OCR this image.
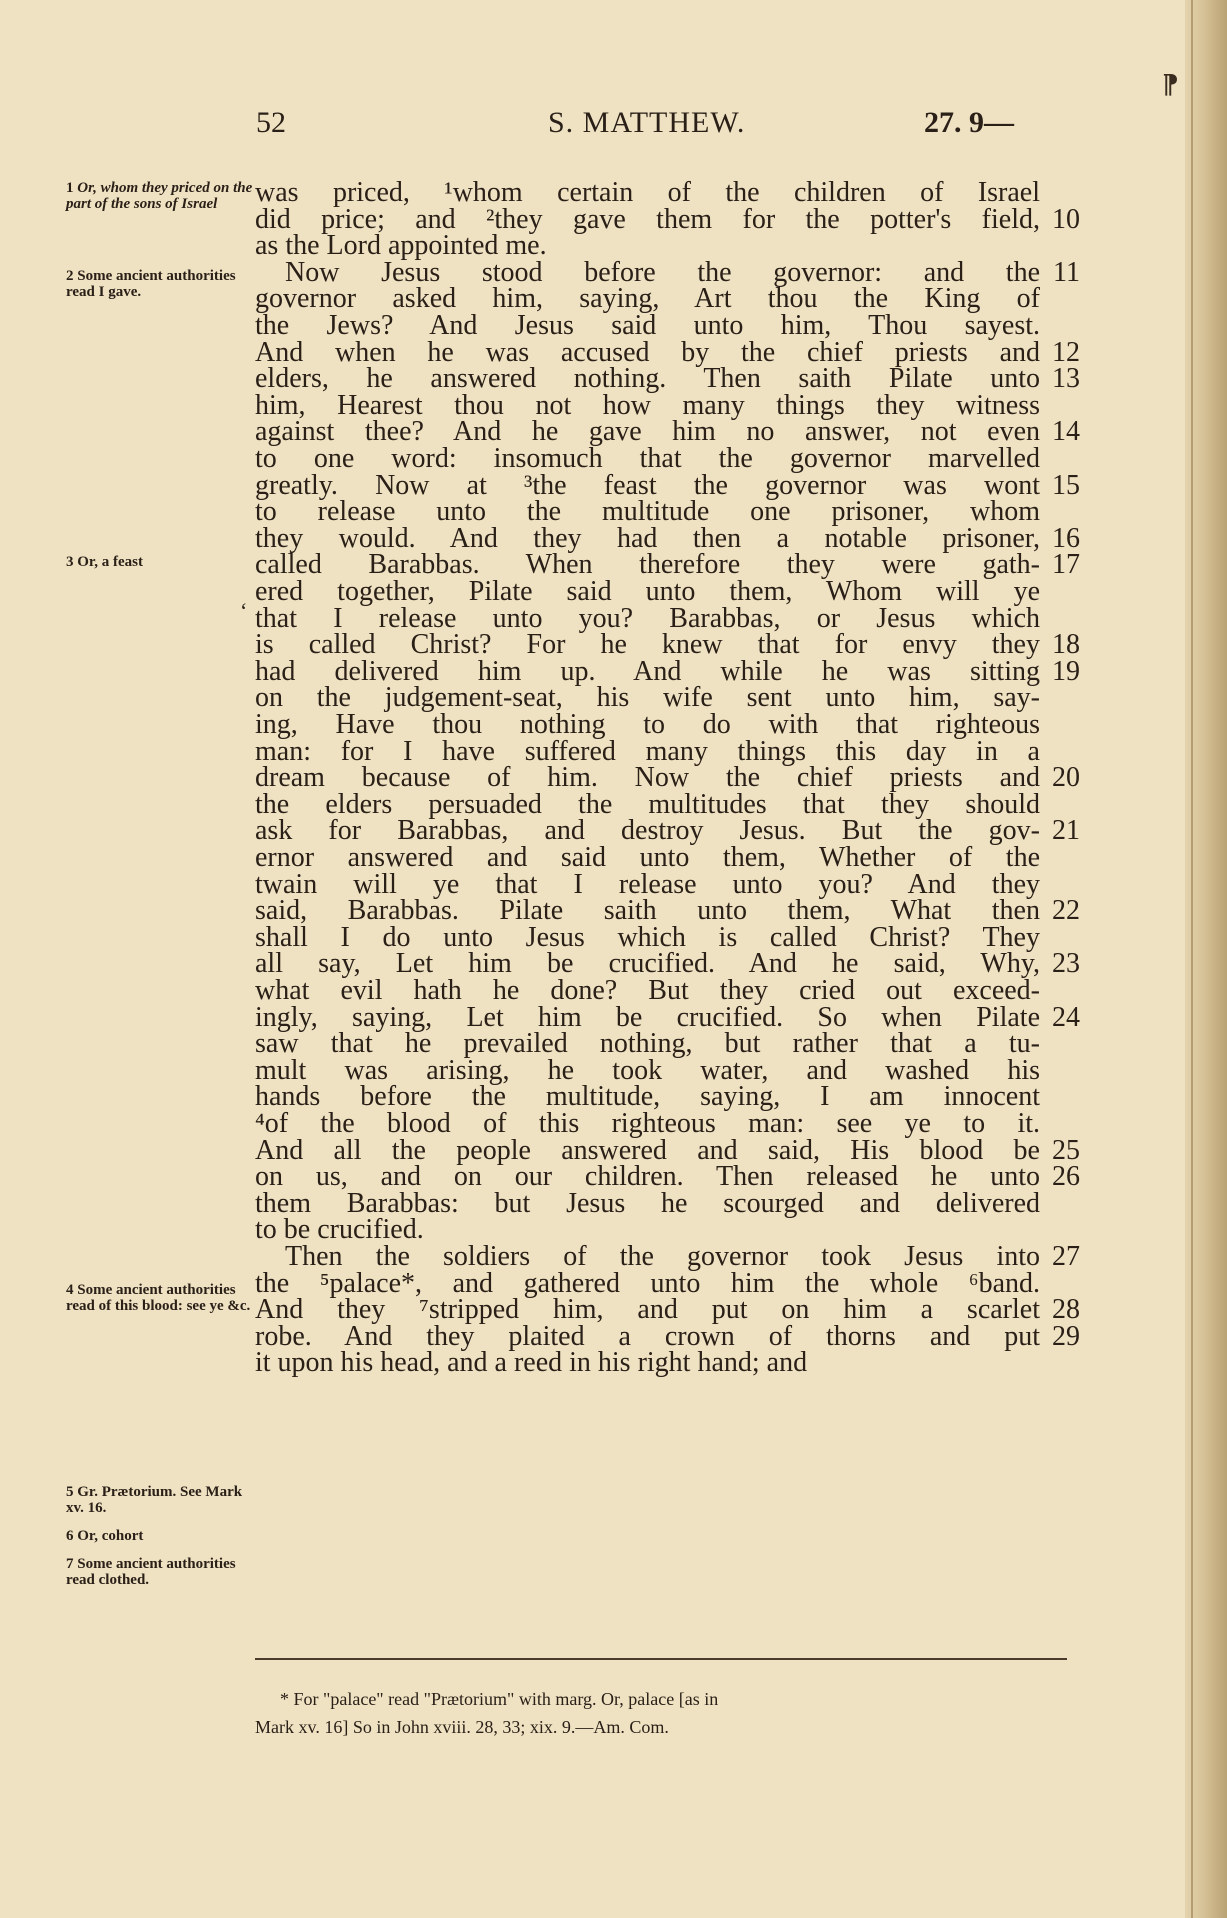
⁋
52	S. MATTHEW.	27. 9—
1 Or, whom they priced on the part of the sons of Israel
2 Some ancient authorities read I gave.
3 Or, a feast
4 Some ancient authorities read of this blood: see ye &c.
5 Gr. Prætorium. See Mark xv. 16.
6 Or, cohort
7 Some ancient authorities read clothed.
ʻ
was priced, ¹whom certain of the children of Israel
did price; and ²they gave them for the potter's field, 10
as the Lord appointed me.
Now Jesus stood before the governor: and the 11
governor asked him, saying, Art thou the King of
the Jews? And Jesus said unto him, Thou sayest.
And when he was accused by the chief priests and 12
elders, he answered nothing. Then saith Pilate unto 13
him, Hearest thou not how many things they witness
against thee? And he gave him no answer, not even 14
to one word: insomuch that the governor marvelled
greatly. Now at ³the feast the governor was wont 15
to release unto the multitude one prisoner, whom
they would. And they had then a notable prisoner, 16
called Barabbas. When therefore they were gath- 17
ered together, Pilate said unto them, Whom will ye
that I release unto you? Barabbas, or Jesus which
is called Christ? For he knew that for envy they 18
had delivered him up. And while he was sitting 19
on the judgement-seat, his wife sent unto him, say-
ing, Have thou nothing to do with that righteous
man: for I have suffered many things this day in a
dream because of him. Now the chief priests and 20
the elders persuaded the multitudes that they should
ask for Barabbas, and destroy Jesus. But the gov- 21
ernor answered and said unto them, Whether of the
twain will ye that I release unto you? And they
said, Barabbas. Pilate saith unto them, What then 22
shall I do unto Jesus which is called Christ? They
all say, Let him be crucified. And he said, Why, 23
what evil hath he done? But they cried out exceed-
ingly, saying, Let him be crucified. So when Pilate 24
saw that he prevailed nothing, but rather that a tu-
mult was arising, he took water, and washed his
hands before the multitude, saying, I am innocent
⁴of the blood of this righteous man: see ye to it.
And all the people answered and said, His blood be 25
on us, and on our children. Then released he unto 26
them Barabbas: but Jesus he scourged and delivered
to be crucified.
Then the soldiers of the governor took Jesus into 27
the ⁵palace*, and gathered unto him the whole ⁶band.
And they ⁷stripped him, and put on him a scarlet 28
robe. And they plaited a crown of thorns and put 29
it upon his head, and a reed in his right hand; and
* For "palace" read "Prætorium" with marg. Or, palace [as in
Mark xv. 16] So in John xviii. 28, 33; xix. 9.—Am. Com.
